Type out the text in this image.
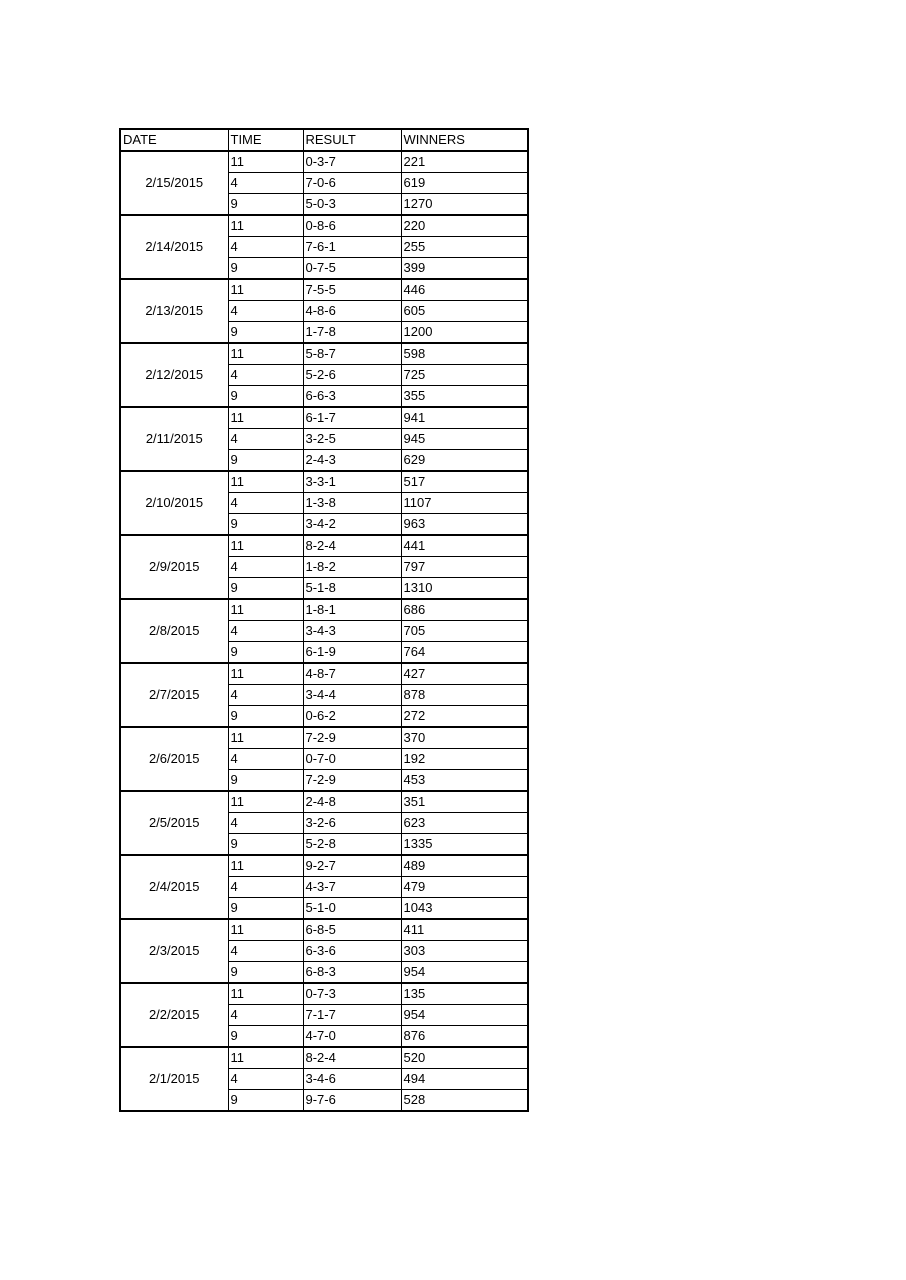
DATE	TIME	RESULT	WINNERS
2/15/2015	11	0-3-7	221
	4	7-0-6	619
	9	5-0-3	1270
2/14/2015	11	0-8-6	220
	4	7-6-1	255
	9	0-7-5	399
2/13/2015	11	7-5-5	446
	4	4-8-6	605
	9	1-7-8	1200
2/12/2015	11	5-8-7	598
	4	5-2-6	725
	9	6-6-3	355
2/11/2015	11	6-1-7	941
	4	3-2-5	945
	9	2-4-3	629
2/10/2015	11	3-3-1	517
	4	1-3-8	1107
	9	3-4-2	963
2/9/2015	11	8-2-4	441
	4	1-8-2	797
	9	5-1-8	1310
2/8/2015	11	1-8-1	686
	4	3-4-3	705
	9	6-1-9	764
2/7/2015	11	4-8-7	427
	4	3-4-4	878
	9	0-6-2	272
2/6/2015	11	7-2-9	370
	4	0-7-0	192
	9	7-2-9	453
2/5/2015	11	2-4-8	351
	4	3-2-6	623
	9	5-2-8	1335
2/4/2015	11	9-2-7	489
	4	4-3-7	479
	9	5-1-0	1043
2/3/2015	11	6-8-5	411
	4	6-3-6	303
	9	6-8-3	954
2/2/2015	11	0-7-3	135
	4	7-1-7	954
	9	4-7-0	876
2/1/2015	11	8-2-4	520
	4	3-4-6	494
	9	9-7-6	528
